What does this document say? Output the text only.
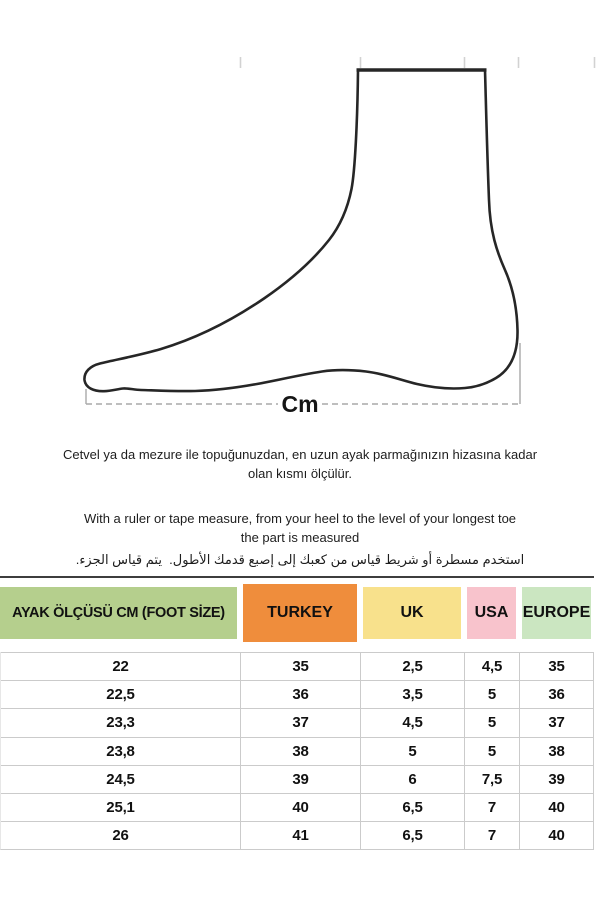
Cm
Cetvel ya da mezure ile topuğunuzdan, en uzun ayak parmağınızın hizasına kadar
olan kısmı ölçülür.
With a ruler or tape measure, from your heel to the level of your longest toe
the part is measured
استخدم مسطرة أو شريط قياس من كعبك إلى إصبع قدمك الأطول.  يتم قياس الجزء.
AYAK ÖLÇÜSÜ CM (FOOT SİZE)	TURKEY	UK	USA EUROPE
22	35	2,5	4,5	35
22,5	36	3,5	5	36
23,3	37	4,5	5	37
23,8	38	5	5	38
24,5	39	6	7,5	39
25,1	40	6,5	7	40
26	41	6,5	7	40
